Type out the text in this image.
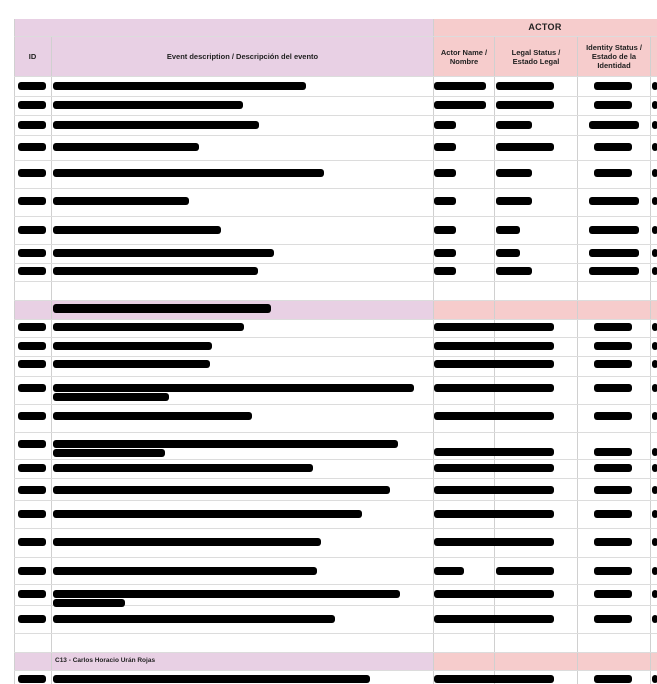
ACTOR
ID	Event description / Descripción del evento	Actor Name / Nombre
Legal Status / Estado Legal
Identity Status / Estado de la Identidad
C13 - Carlos Horacio Urán Rojas
